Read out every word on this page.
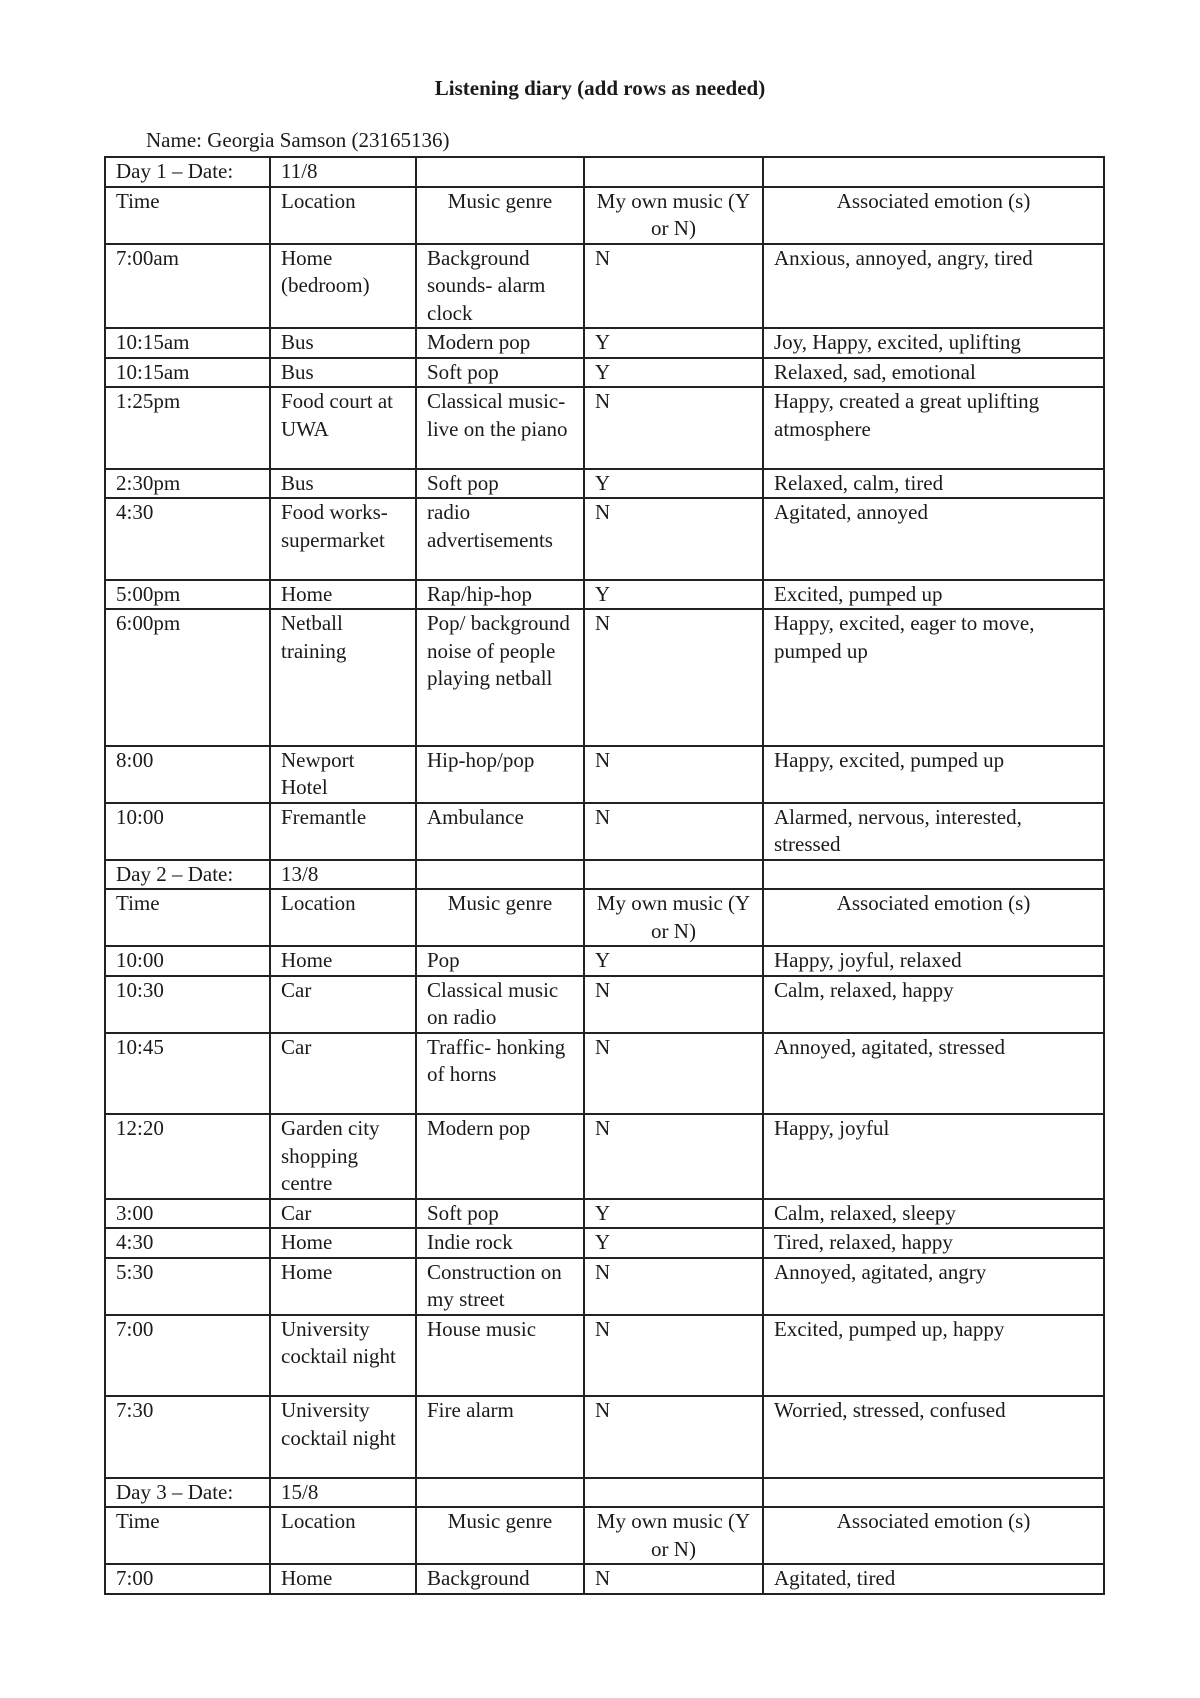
Listening diary (add rows as needed)
Name: Georgia Samson (23165136)
Day 1 – Date:	11/8			
Time	Location	Music genre	My own music (Y or N)	Associated emotion (s)
7:00am	Home (bedroom)	Background sounds- alarm clock	N	Anxious, annoyed, angry, tired
10:15am	Bus	Modern pop	Y	Joy, Happy, excited, uplifting
10:15am	Bus	Soft pop	Y	Relaxed, sad, emotional
1:25pm	Food court at UWA	Classical music- live on the piano	N	Happy, created a great uplifting atmosphere
2:30pm	Bus	Soft pop	Y	Relaxed, calm, tired
4:30	Food works- supermarket	radio advertisements	N	Agitated, annoyed
5:00pm	Home	Rap/hip-hop	Y	Excited, pumped up
6:00pm	Netball training	Pop/ background noise of people playing netball	N	Happy, excited, eager to move, pumped up
8:00	Newport Hotel	Hip-hop/pop	N	Happy, excited, pumped up
10:00	Fremantle	Ambulance	N	Alarmed, nervous, interested, stressed
Day 2 – Date:	13/8			
Time	Location	Music genre	My own music (Y or N)	Associated emotion (s)
10:00	Home	Pop	Y	Happy, joyful, relaxed
10:30	Car	Classical music on radio	N	Calm, relaxed, happy
10:45	Car	Traffic- honking of horns	N	Annoyed, agitated, stressed
12:20	Garden city shopping centre	Modern pop	N	Happy, joyful
3:00	Car	Soft pop	Y	Calm, relaxed, sleepy
4:30	Home	Indie rock	Y	Tired, relaxed, happy
5:30	Home	Construction on my street	N	Annoyed, agitated, angry
7:00	University cocktail night	House music	N	Excited, pumped up, happy
7:30	University cocktail night	Fire alarm	N	Worried, stressed, confused
Day 3 – Date:	15/8			
Time	Location	Music genre	My own music (Y or N)	Associated emotion (s)
7:00	Home	Background	N	Agitated, tired
